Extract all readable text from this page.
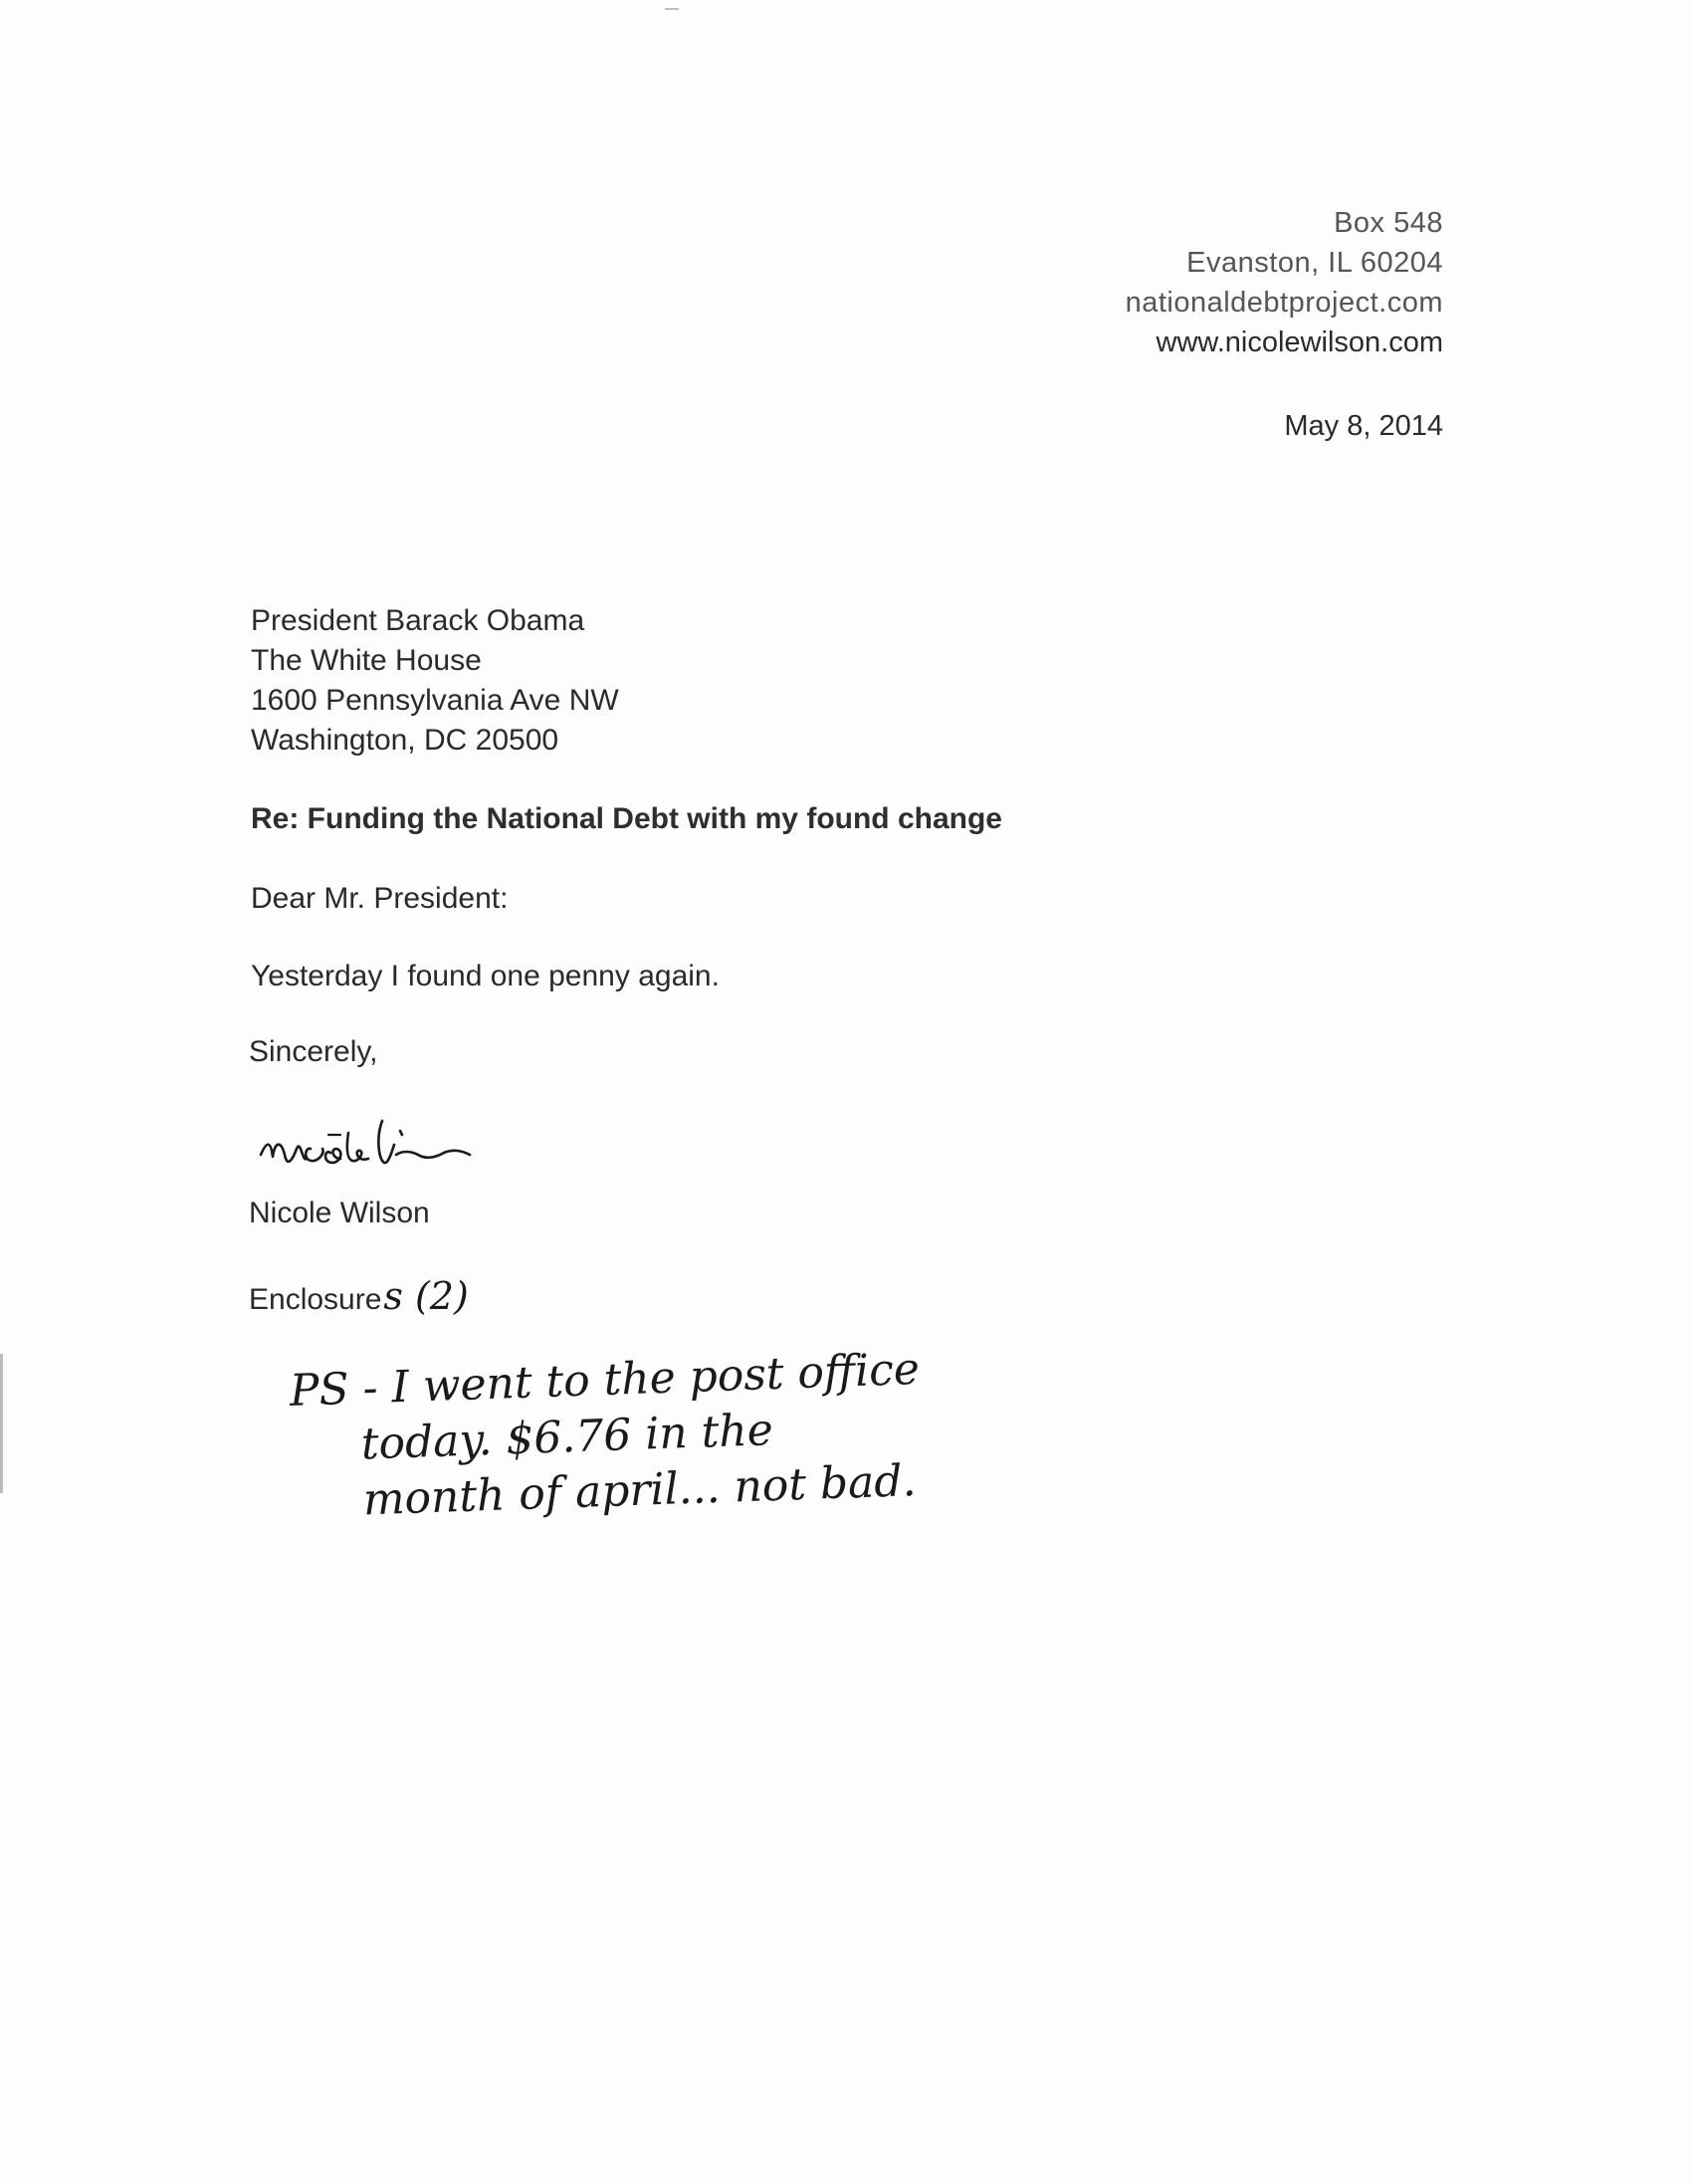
Box 548
Evanston, IL 60204
nationaldebtproject.com
www.nicolewilson.com
May 8, 2014
President Barack Obama
The White House
1600 Pennsylvania Ave NW
Washington, DC 20500
Re: Funding the National Debt with my found change
Dear Mr. President:
Yesterday I found one penny again.
Sincerely,
Nicole Wilson
Enclosures (2)
PS - I went to the post office
today. $6.76 in the
month of april... not bad.
